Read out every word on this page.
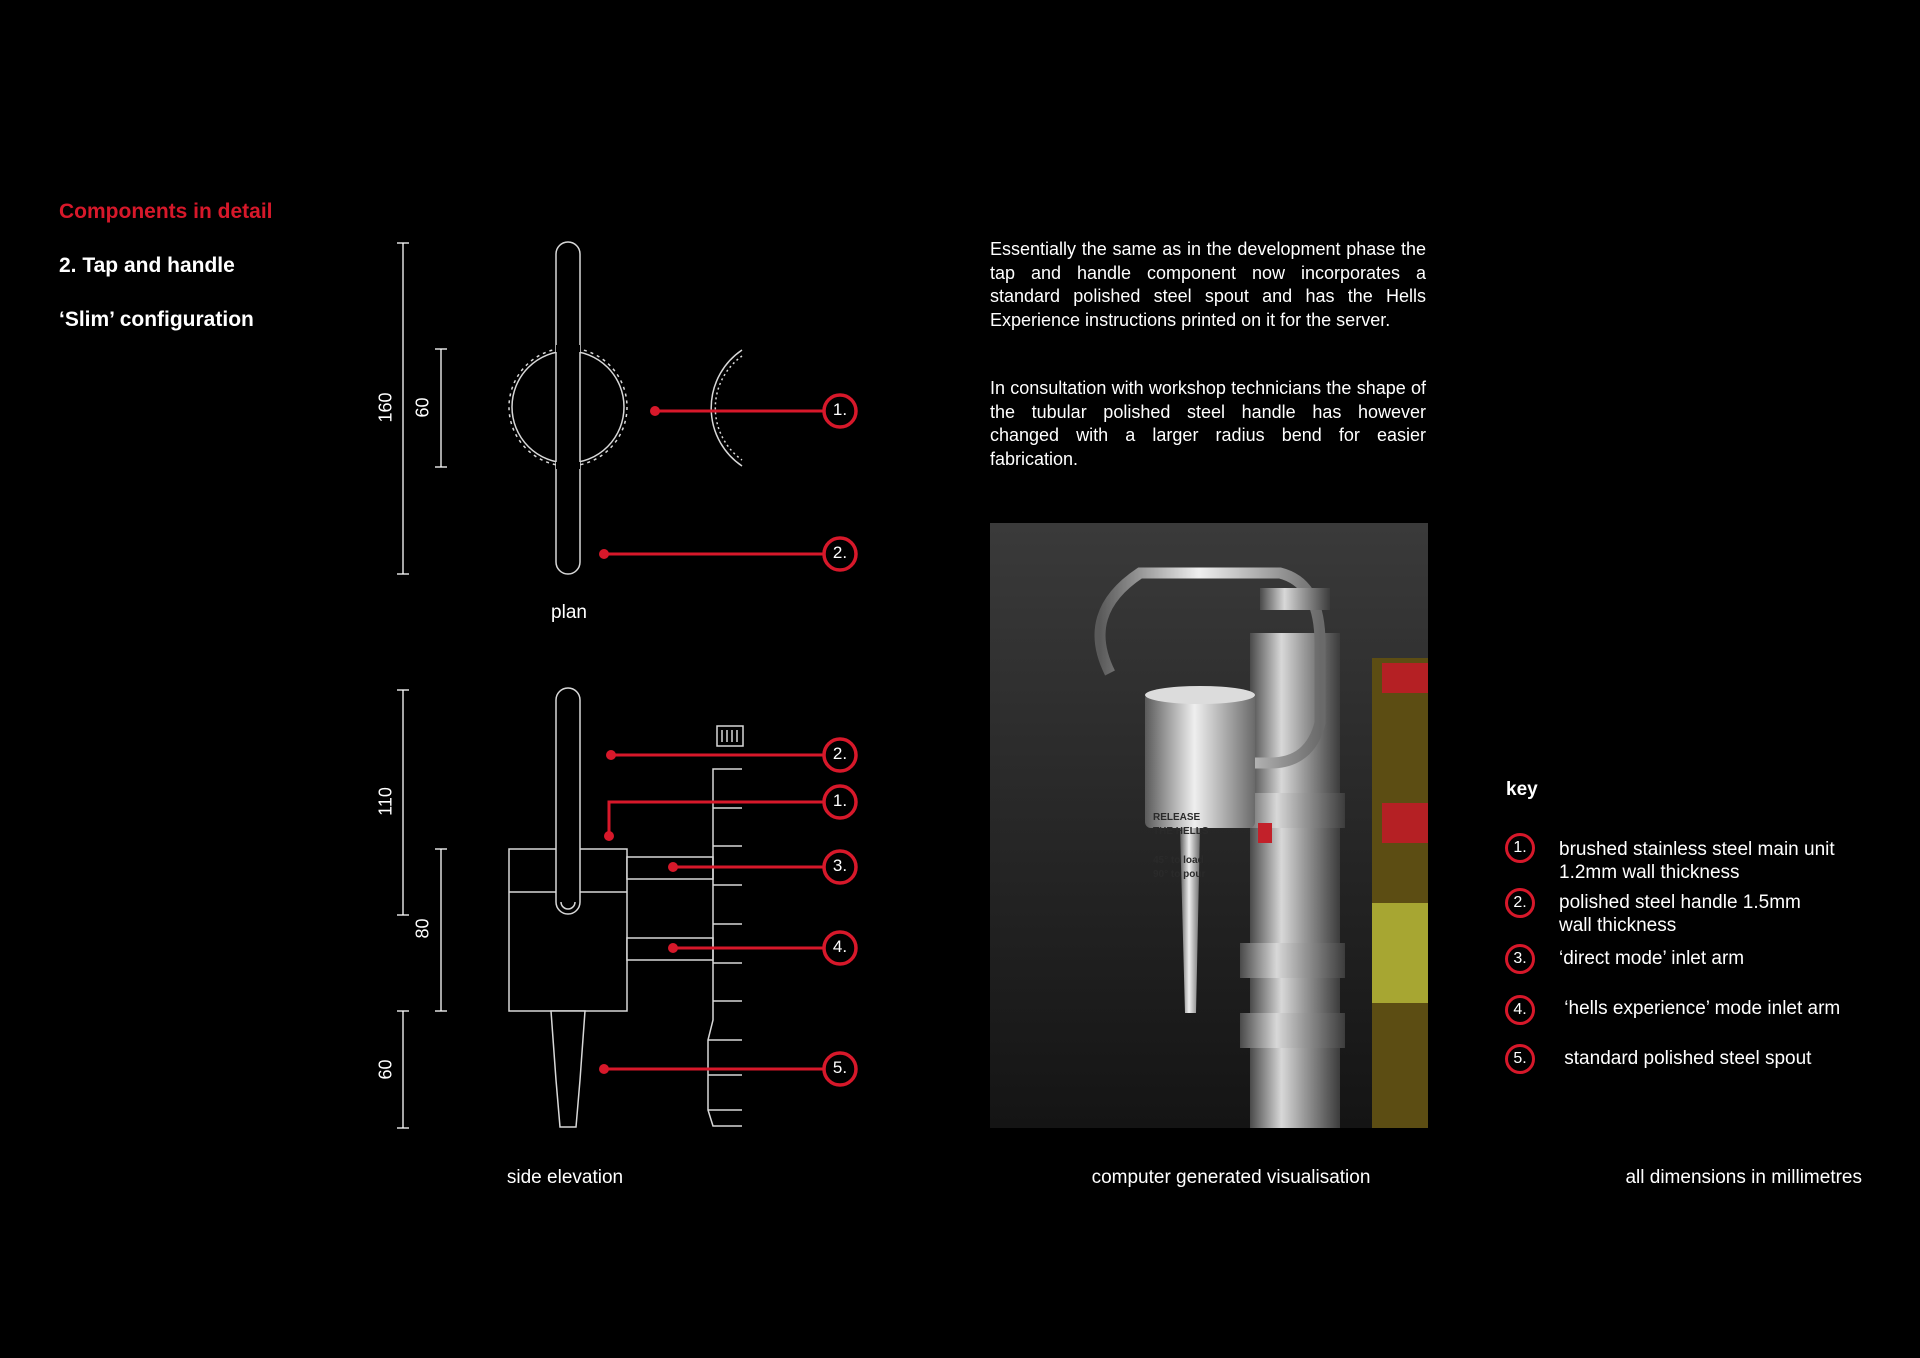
Components in detail
2. Tap and handle
‘Slim’ configuration
1.
2.
2.
1.
3.
4.
5.
160 60
110
80
60
plan
side elevation
Essentially the same as in the development phase the tap and handle component now incorporates a standard polished steel spout and has the Hells Experience instructions printed on it for the server.
In consultation with workshop technicians the shape of the tubular polished steel handle has however changed with a larger radius bend for easier fabrication.
RELEASE
THE HELLS
45° to load
90° to pour
computer generated visualisation
key
1.	brushed stainless steel main unit
1.2mm wall thickness
2.	polished steel handle 1.5mm
wall thickness
3.	‘direct mode’ inlet arm
4.	‘hells experience’ mode inlet arm
5.	standard polished steel spout
all dimensions in millimetres
